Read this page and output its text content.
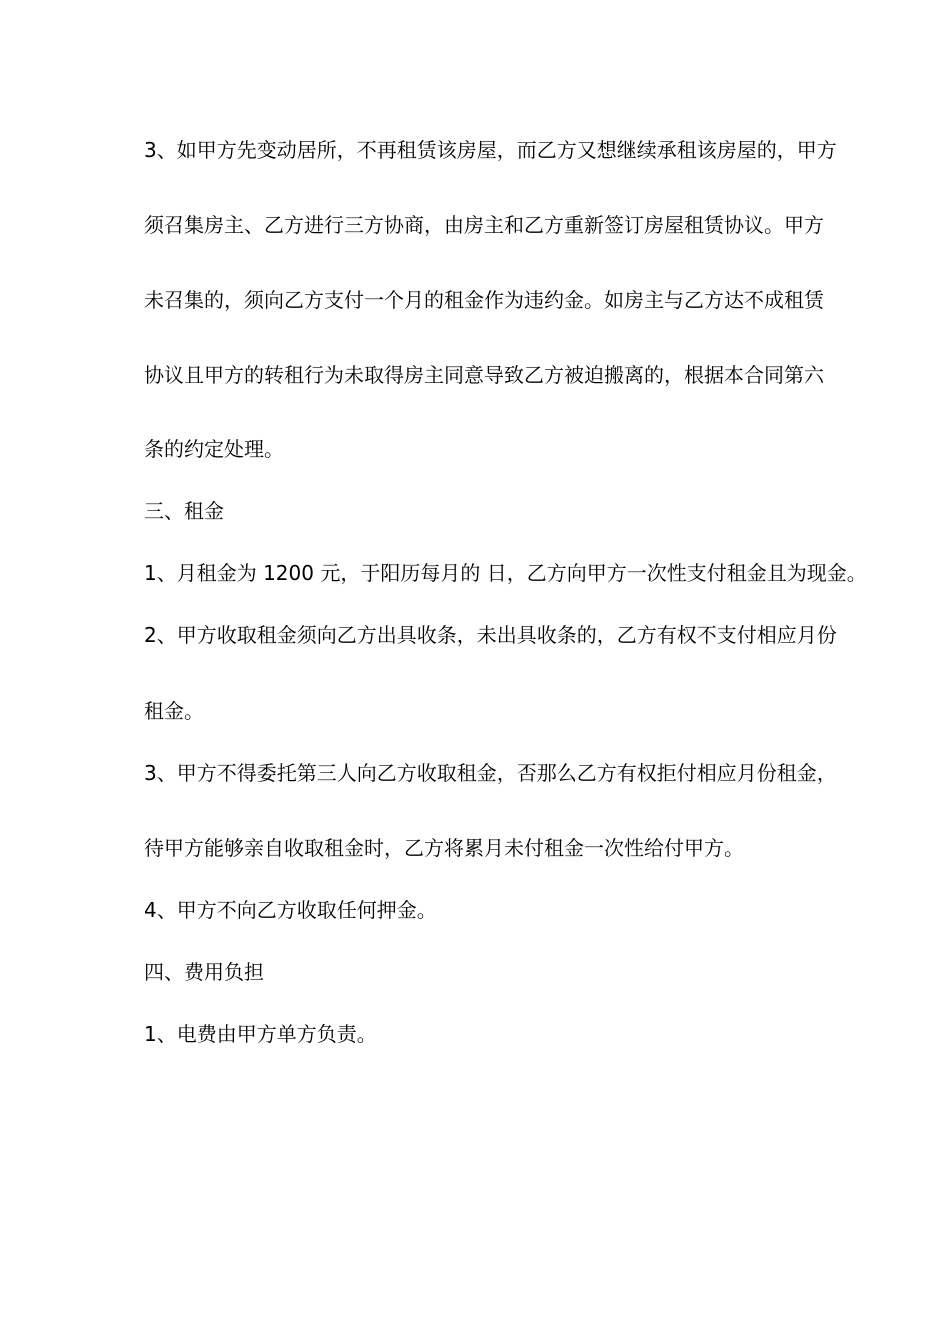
3、如甲方先变动居所，不再租赁该房屋，而乙方又想继续承租该房屋的，甲方
须召集房主、乙方进行三方协商，由房主和乙方重新签订房屋租赁协议。甲方
未召集的，须向乙方支付一个月的租金作为违约金。如房主与乙方达不成租赁
协议且甲方的转租行为未取得房主同意导致乙方被迫搬离的，根据本合同第六
条的约定处理。
三、租金
1、月租金为 1200 元，于阳历每月的 日，乙方向甲方一次性支付租金且为现金。
2、甲方收取租金须向乙方出具收条，未出具收条的，乙方有权不支付相应月份
租金。
3、甲方不得委托第三人向乙方收取租金，否那么乙方有权拒付相应月份租金，
待甲方能够亲自收取租金时，乙方将累月未付租金一次性给付甲方。
4、甲方不向乙方收取任何押金。
四、费用负担
1、电费由甲方单方负责。
